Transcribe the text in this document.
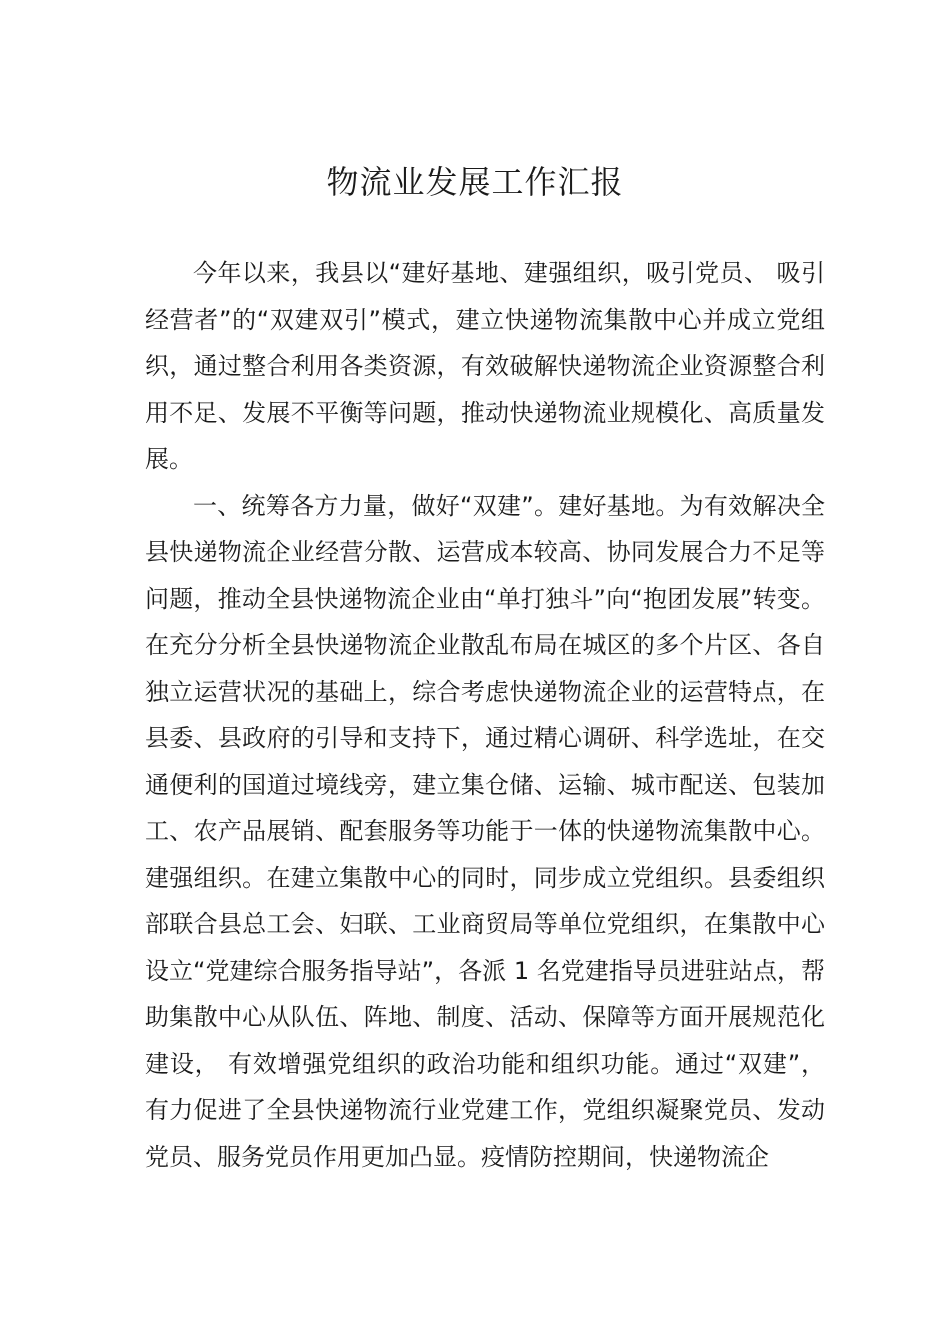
物流业发展工作汇报

今年以来，我县以“建好基地、建强组织，吸引党员、 吸引经营者”的“双建双引”模式，建立快递物流集散中心并成立党组织，通过整合利用各类资源，有效破解快递物流企业资源整合利用不足、发展不平衡等问题，推动快递物流业规模化、高质量发展。

一、统筹各方力量，做好“双建”。建好基地。为有效解决全县快递物流企业经营分散、运营成本较高、协同发展合力不足等问题，推动全县快递物流企业由“单打独斗”向“抱团发展”转变。在充分分析全县快递物流企业散乱布局在城区的多个片区、各自独立运营状况的基础上，综合考虑快递物流企业的运营特点，在县委、县政府的引导和支持下，通过精心调研、科学选址，在交通便利的国道过境线旁，建立集仓储、运输、城市配送、包装加工、农产品展销、配套服务等功能于一体的快递物流集散中心。建强组织。在建立集散中心的同时，同步成立党组织。县委组织部联合县总工会、妇联、工业商贸局等单位党组织，在集散中心设立“党建综合服务指导站”，各派 1 名党建指导员进驻站点，帮助集散中心从队伍、阵地、制度、活动、保障等方面开展规范化建设， 有效增强党组织的政治功能和组织功能。通过“双建”，有力促进了全县快递物流行业党建工作，党组织凝聚党员、发动党员、服务党员作用更加凸显。疫情防控期间，快递物流企
